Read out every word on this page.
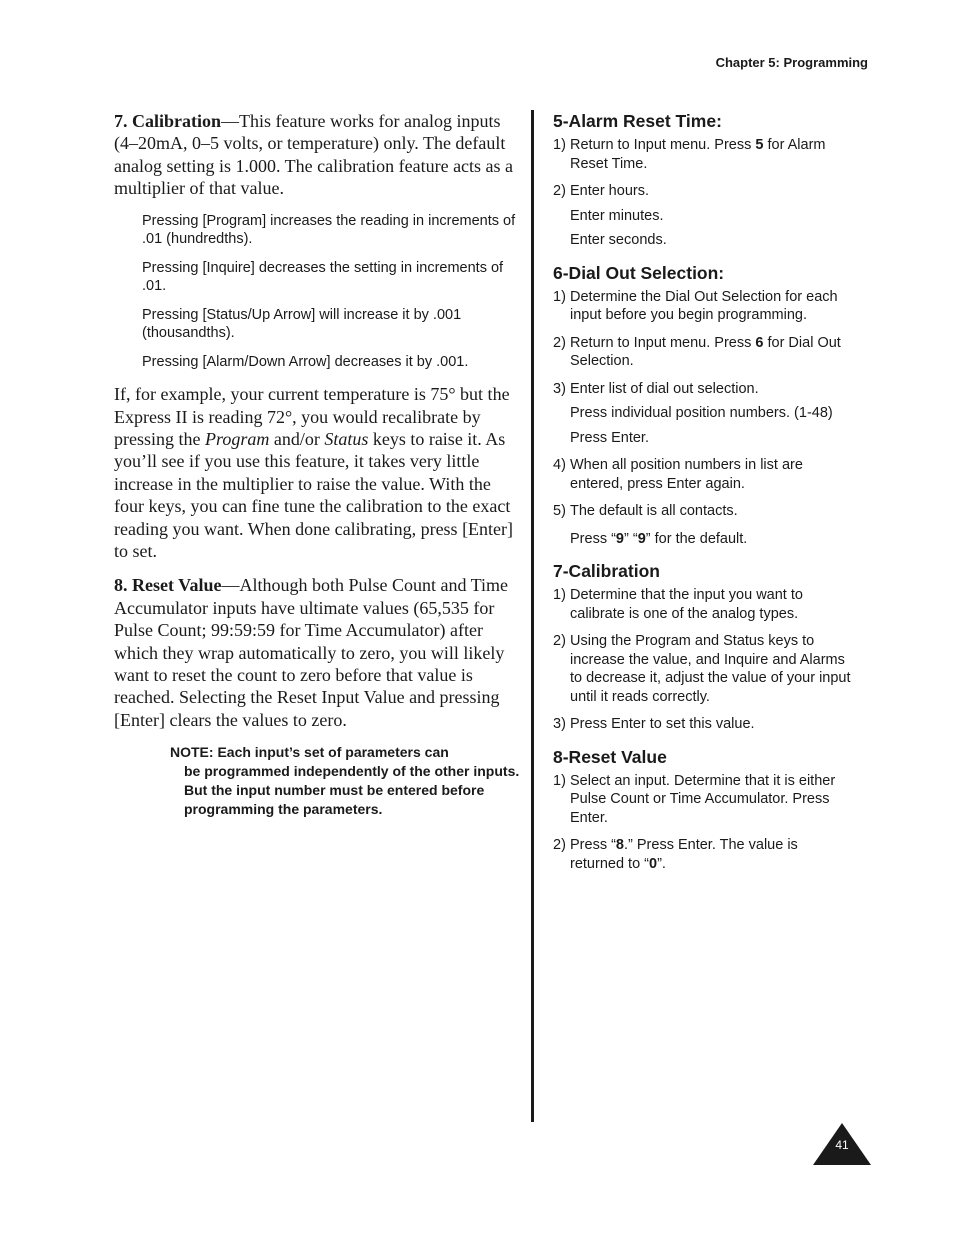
Chapter 5: Programming

7. Calibration—This feature works for analog inputs (4–20mA, 0–5 volts, or temperature) only. The default analog setting is 1.000. The calibration feature acts as a multiplier of that value.

Pressing [Program] increases the reading in increments of .01 (hundredths).
Pressing [Inquire] decreases the setting in increments of .01.
Pressing [Status/Up Arrow] will increase it by .001 (thousandths).
Pressing [Alarm/Down Arrow] decreases it by .001.

If, for example, your current temperature is 75° but the Express II is reading 72°, you would recalibrate by pressing the Program and/or Status keys to raise it. As you’ll see if you use this feature, it takes very little increase in the multiplier to raise the value. With the four keys, you can fine tune the calibration to the exact reading you want. When done calibrating, press [Enter] to set.

8. Reset Value—Although both Pulse Count and Time Accumulator inputs have ultimate values (65,535 for Pulse Count; 99:59:59 for Time Accumulator) after which they wrap automatically to zero, you will likely want to reset the count to zero before that value is reached. Selecting the Reset Input Value and pressing [Enter] clears the values to zero.

NOTE: Each input’s set of parameters can
be programmed independently of the other inputs. But the input number must be entered before programming the parameters.
5-Alarm Reset Time:
1) Return to Input menu. Press 5 for Alarm Reset Time.
2) Enter hours.
Enter minutes.
Enter seconds.
6-Dial Out Selection:
1) Determine the Dial Out Selection for each input before you begin programming.
2) Return to Input menu. Press 6 for Dial Out Selection.
3) Enter list of dial out selection.
Press individual position numbers. (1-48)
Press Enter.
4) When all position numbers in list are entered, press Enter again.
5) The default is all contacts.
Press “9” “9” for the default.
7-Calibration
1) Determine that the input you want to calibrate is one of the analog types.
2) Using the Program and Status keys to increase the value, and Inquire and Alarms to decrease it, adjust the value of your input until it reads correctly.
3) Press Enter to set this value.
8-Reset Value
1) Select an input. Determine that it is either Pulse Count or Time Accumulator. Press Enter.
2) Press “8.” Press Enter. The value is returned to “0”.
41
